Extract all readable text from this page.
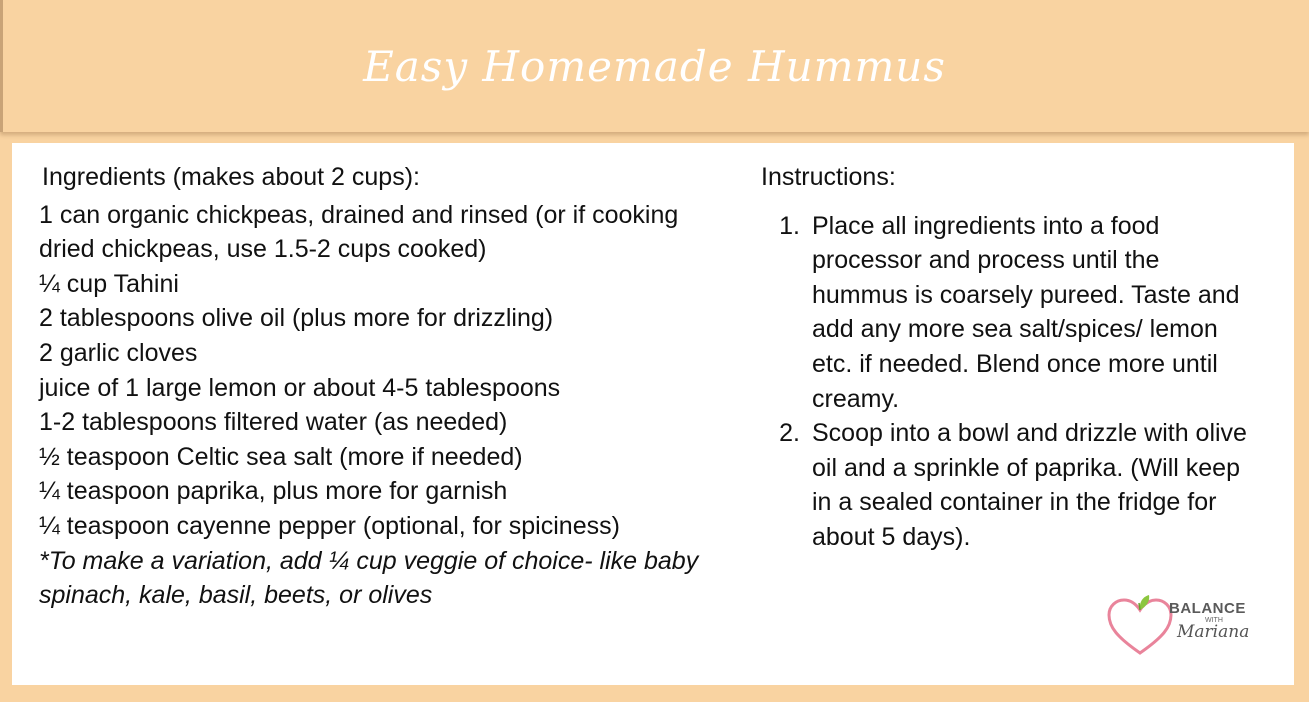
Easy Homemade Hummus
Ingredients (makes about 2 cups):
1 can organic chickpeas, drained and rinsed (or if cooking dried chickpeas, use 1.5-2 cups cooked)
¼ cup Tahini
2 tablespoons olive oil (plus more for drizzling)
2 garlic cloves
juice of 1 large lemon or about 4-5 tablespoons
1-2 tablespoons filtered water (as needed)
½ teaspoon Celtic sea salt (more if needed)
¼ teaspoon paprika, plus more for garnish
¼ teaspoon cayenne pepper (optional, for spiciness)
*To make a variation, add ¼ cup veggie of choice- like baby spinach, kale, basil, beets, or olives
Instructions:
1. Place all ingredients into a food processor and process until the hummus is coarsely pureed. Taste and add any more sea salt/spices/ lemon etc. if needed. Blend once more until creamy.
2. Scoop into a bowl and drizzle with olive oil and a sprinkle of paprika. (Will keep in a sealed container in the fridge for about 5 days).
BALANCE
WITH
Mariana
